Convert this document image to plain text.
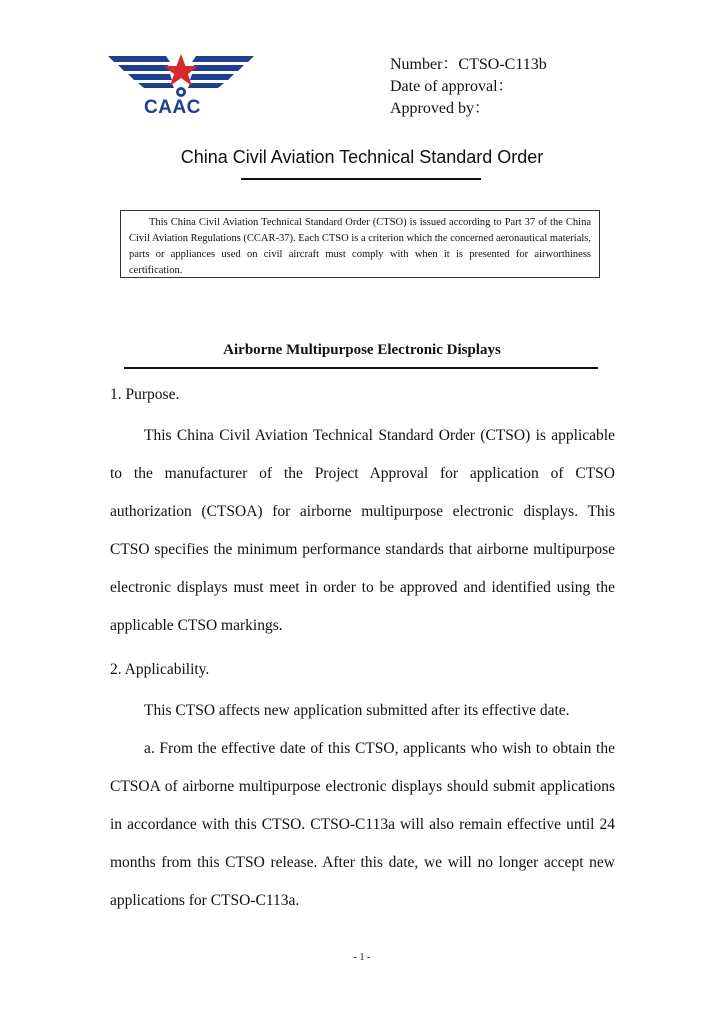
CAAC
Number：CTSO-C113b
Date of approval：
Approved by：
China Civil Aviation Technical Standard Order
This China Civil Aviation Technical Standard Order (CTSO) is issued according to Part 37 of the China Civil Aviation Regulations (CCAR-37). Each CTSO is a criterion which the concerned aeronautical materials, parts or appliances used on civil aircraft must comply with when it is presented for airworthiness certification.
Airborne Multipurpose Electronic Displays
1. Purpose.
This China Civil Aviation Technical Standard Order (CTSO) is applicable to the manufacturer of the Project Approval for application of CTSO authorization (CTSOA) for airborne multipurpose electronic displays. This CTSO specifies the minimum performance standards that airborne multipurpose electronic displays must meet in order to be approved and identified using the applicable CTSO markings.
2. Applicability.
This CTSO affects new application submitted after its effective date.
a. From the effective date of this CTSO, applicants who wish to obtain the CTSOA of airborne multipurpose electronic displays should submit applications in accordance with this CTSO. CTSO-C113a will also remain effective until 24 months from this CTSO release. After this date, we will no longer accept new applications for CTSO-C113a.
- 1 -
